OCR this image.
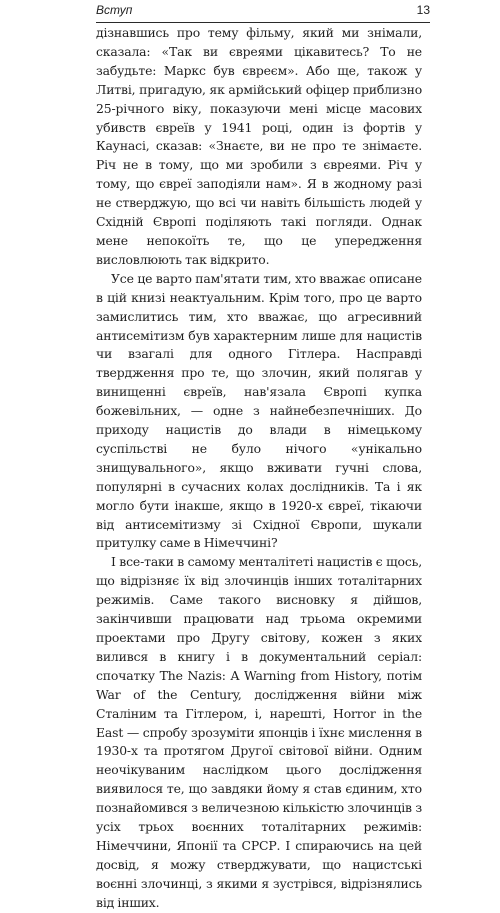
Вступ	13

дізнавшись про тему фільму, який ми знімали, сказала: «Так ви євреями цікавитесь? То не забудьте: Маркс був євреєм». Або ще, також у Литві, пригадую, як армійський офіцер приблизно 25-річного віку, показуючи мені місце масових убивств євреїв у 1941 році, один із фортів у Каунасі, сказав: «Знаєте, ви не про те знімаєте. Річ не в тому, що ми зробили з євреями. Річ у тому, що євреї заподіяли нам». Я в жодному разі не стверджую, що всі чи навіть більшість людей у Східній Європі поділяють такі погляди. Однак мене непокоїть те, що це упередження висловлюють так відкрито.

Усе це варто пам'ятати тим, хто вважає описане в цій книзі неактуальним. Крім того, про це варто замислитись тим, хто вважає, що агресивний антисемітизм був характерним лише для нацистів чи взагалі для одного Гітлера. Насправді твердження про те, що злочин, який полягав у винищенні євреїв, нав'язала Європі купка божевільних, — одне з найнебезпечніших. До приходу нацистів до влади в німецькому суспільстві не було нічого «унікально знищувального», якщо вживати гучні слова, популярні в сучасних колах дослідників. Та і як могло бути інакше, якщо в 1920-х євреї, тікаючи від антисемітизму зі Східної Європи, шукали притулку саме в Німеччині?

І все-таки в самому менталітеті нацистів є щось, що відрізняє їх від злочинців інших тоталітарних режимів. Саме такого висновку я дійшов, закінчивши працювати над трьома окремими проектами про Другу світову, кожен з яких вилився в книгу і в документальний серіал: спочатку The Nazis: A Warning from History, потім War of the Century, дослідження війни між Сталіним та Гітлером, і, нарешті, Horror in the East — спробу зрозуміти японців і їхнє мислення в 1930-х та протягом Другої світової війни. Одним неочікуваним наслідком цього дослідження виявилося те, що завдяки йому я став єдиним, хто познайомився з величезною кількістю злочинців з усіх трьох воєнних тоталітарних режимів: Німеччини, Японії та СРСР. І спираючись на цей досвід, я можу стверджувати, що нацистські воєнні злочинці, з якими я зустрівся, відрізнялись від інших.
